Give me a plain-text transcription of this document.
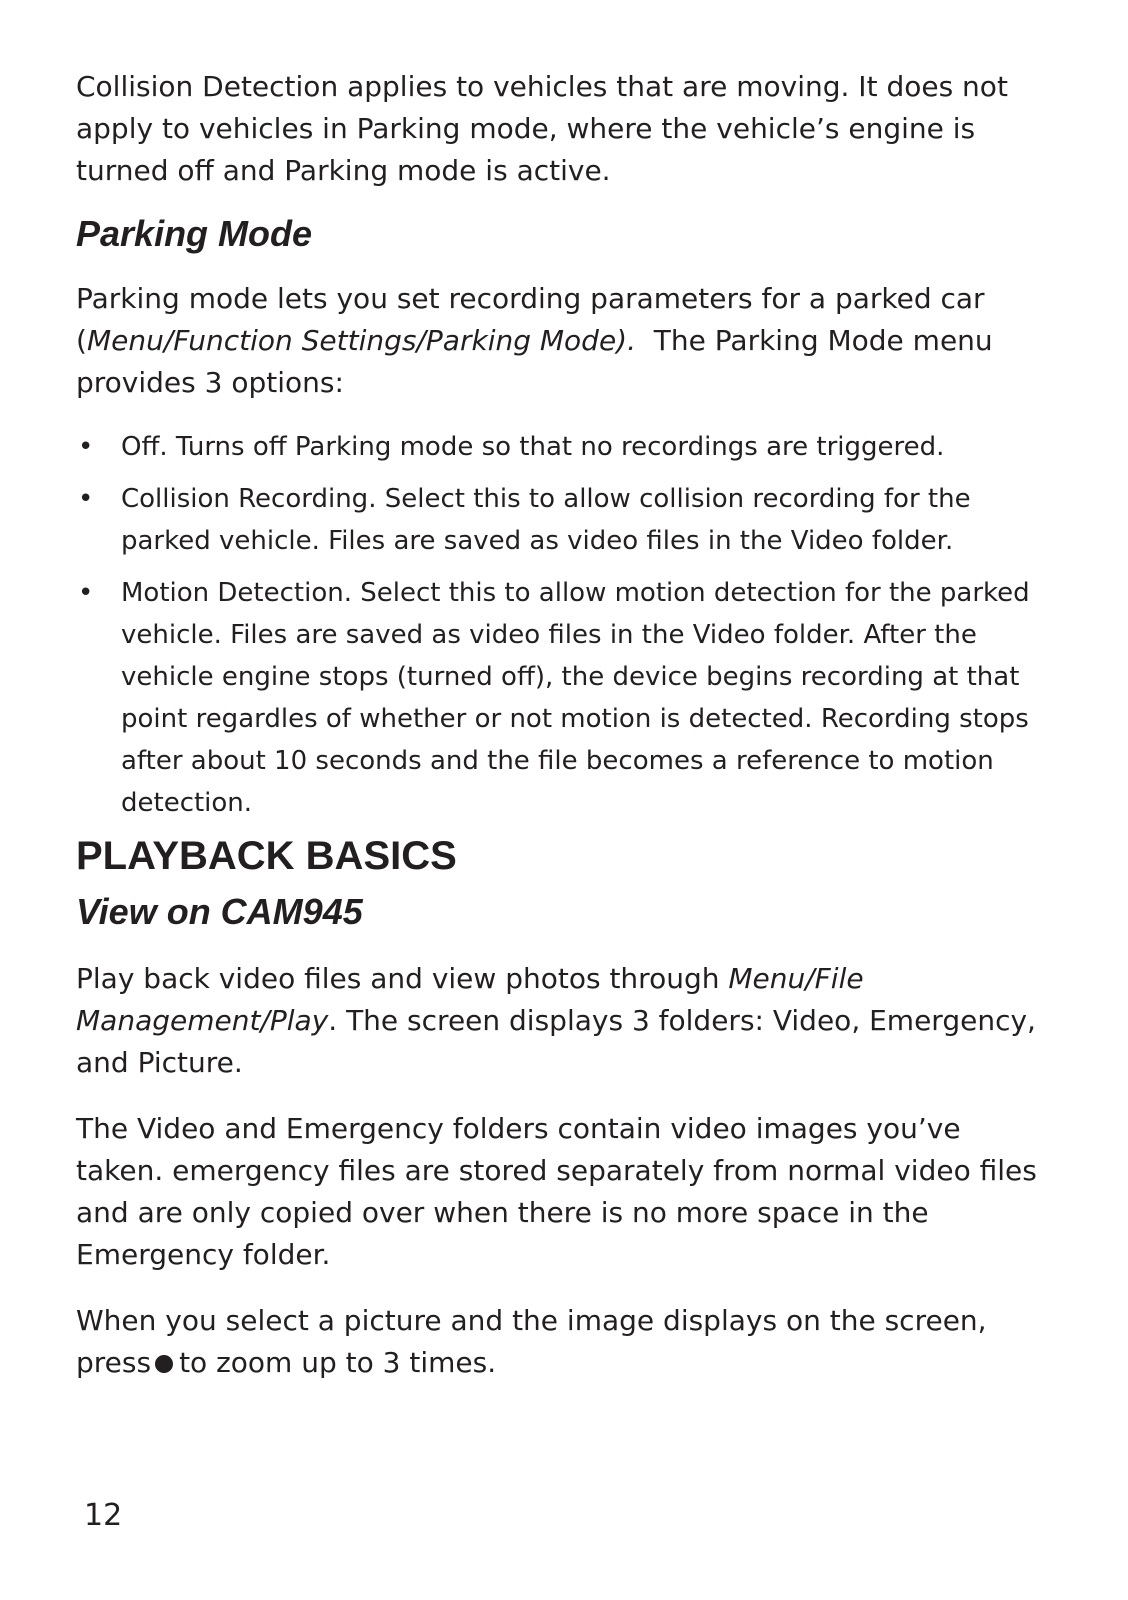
Collision Detection applies to vehicles that are moving. It does not apply to vehicles in Parking mode, where the vehicle’s engine is turned off and Parking mode is active.

Parking Mode

Parking mode lets you set recording parameters for a parked car (Menu/Function Settings/Parking Mode).  The Parking Mode menu provides 3 options:

• Off. Turns off Parking mode so that no recordings are triggered.
• Collision Recording. Select this to allow collision recording for the parked vehicle. Files are saved as video files in the Video folder.
• Motion Detection. Select this to allow motion detection for the parked vehicle. Files are saved as video files in the Video folder. After the vehicle engine stops (turned off), the device begins recording at that point regardles of whether or not motion is detected. Recording stops after about 10 seconds and the file becomes a reference to motion detection.
PLAYBACK BASICS
View on CAM945

Play back video files and view photos through Menu/File Management/Play. The screen displays 3 folders: Video, Emergency, and Picture.

The Video and Emergency folders contain video images you’ve taken. emergency files are stored separately from normal video files and are only copied over when there is no more space in the Emergency folder.

When you select a picture and the image displays on the screen, press to zoom up to 3 times.

12
